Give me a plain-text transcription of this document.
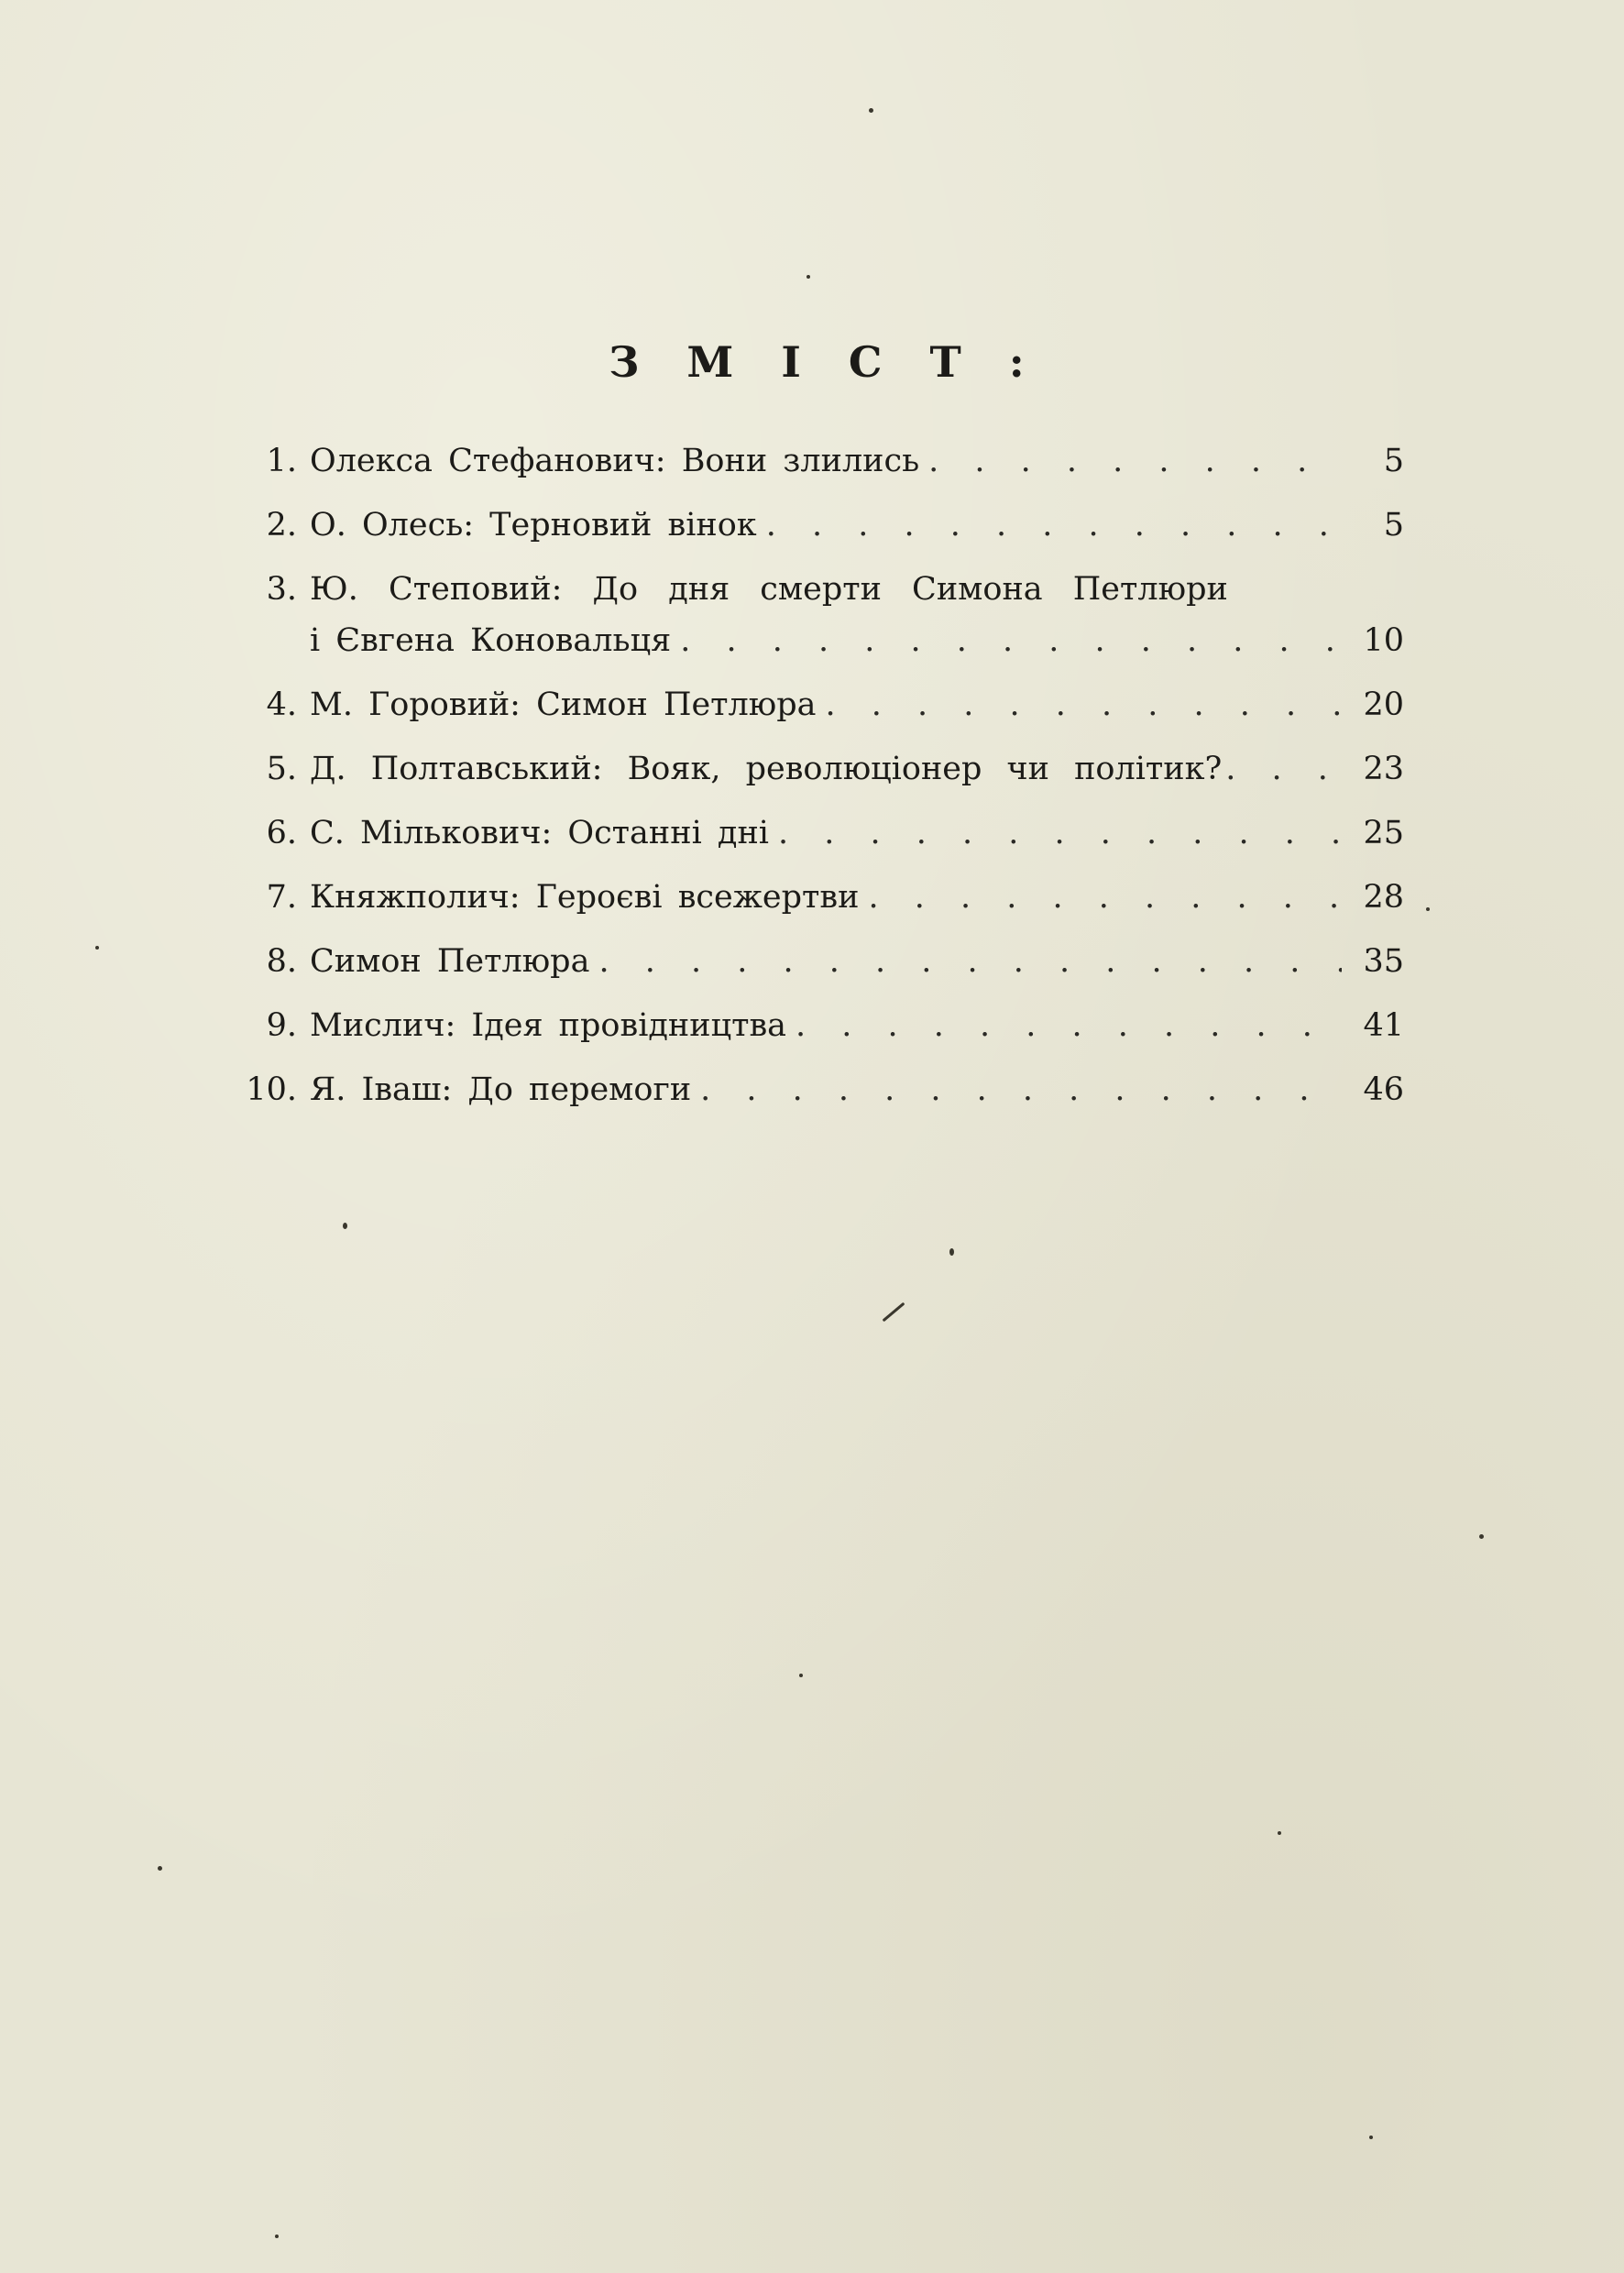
З М І С Т :
1. Олекса Стефанович: Вони злились . . .	5
2. О. Олесь: Терновий вінок . . .	5
3. Ю. Степовий: До дня смерти Симона Петлюри
і Євгена Коновальця . . .	10
4. М. Горовий: Симон Петлюра . . .	20
5. Д. Полтавський: Вояк, революціонер чи політик? . . .	23
6. С. Мількович: Останні дні . . .	25
7. Княжполич: Героєві всежертви . . .	28
8. Симон Петлюра . . .	35
9. Мислич: Ідея провідництва . . .	41
10. Я. Іваш: До перемоги . . .	46
